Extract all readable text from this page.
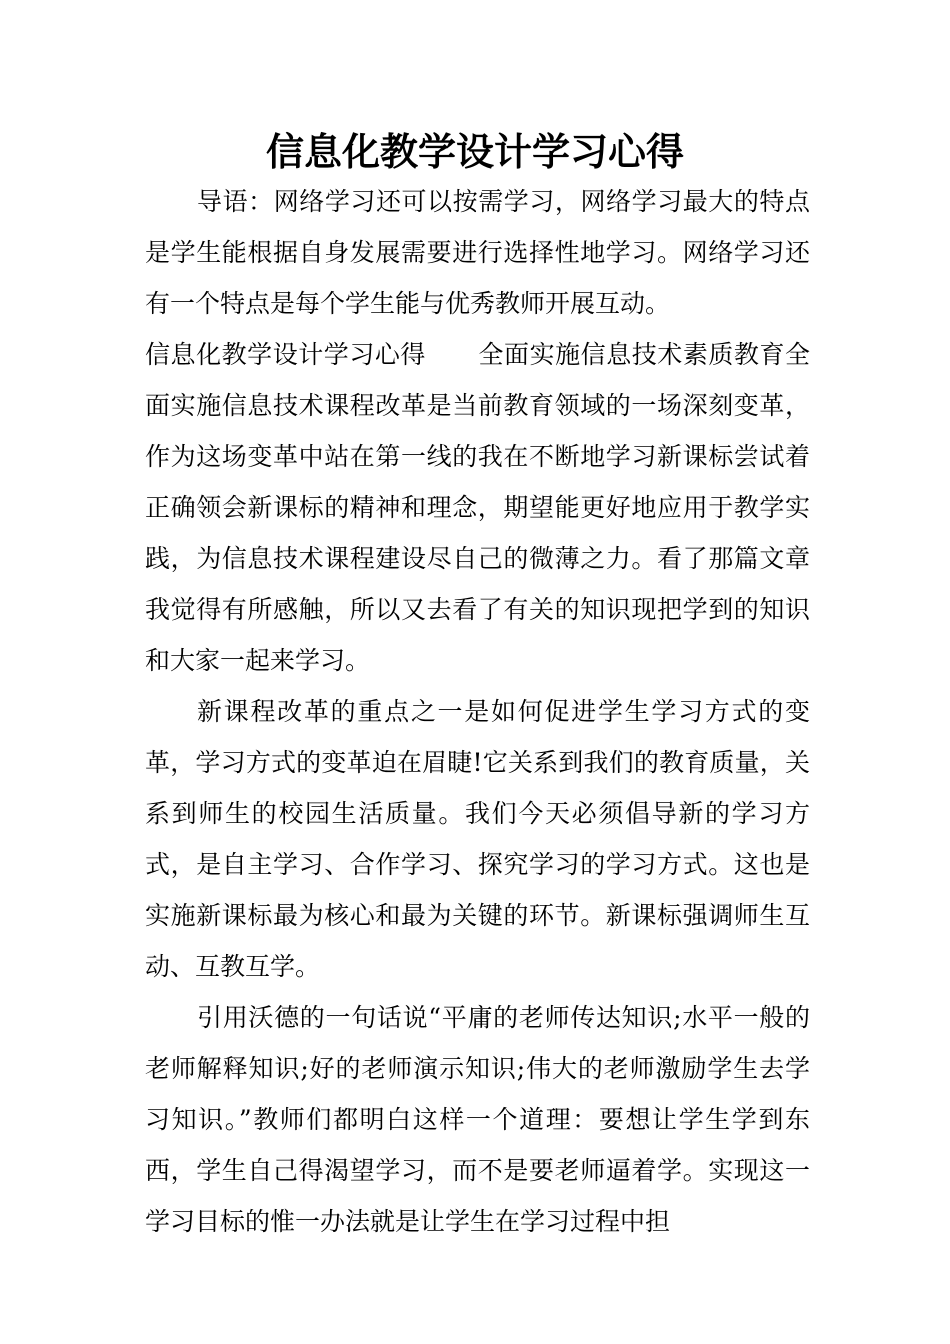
信息化教学设计学习心得

导语：网络学习还可以按需学习，网络学习最大的特点是学生能根据自身发展需要进行选择性地学习。网络学习还有一个特点是每个学生能与优秀教师开展互动。

信息化教学设计学习心得 全面实施信息技术素质教育全面实施信息技术课程改革是当前教育领域的一场深刻变革，作为这场变革中站在第一线的我在不断地学习新课标尝试着正确领会新课标的精神和理念，期望能更好地应用于教学实践，为信息技术课程建设尽自己的微薄之力。看了那篇文章我觉得有所感触，所以又去看了有关的知识现把学到的知识和大家一起来学习。

新课程改革的重点之一是如何促进学生学习方式的变革，学习方式的变革迫在眉睫!它关系到我们的教育质量，关系到师生的校园生活质量。我们今天必须倡导新的学习方式，是自主学习、合作学习、探究学习的学习方式。这也是实施新课标最为核心和最为关键的环节。新课标强调师生互动、互教互学。

引用沃德的一句话说“平庸的老师传达知识;水平一般的老师解释知识;好的老师演示知识;伟大的老师激励学生去学习知识。”教师们都明白这样一个道理：要想让学生学到东西，学生自己得渴望学习，而不是要老师逼着学。实现这一学习目标的惟一办法就是让学生在学习过程中担
